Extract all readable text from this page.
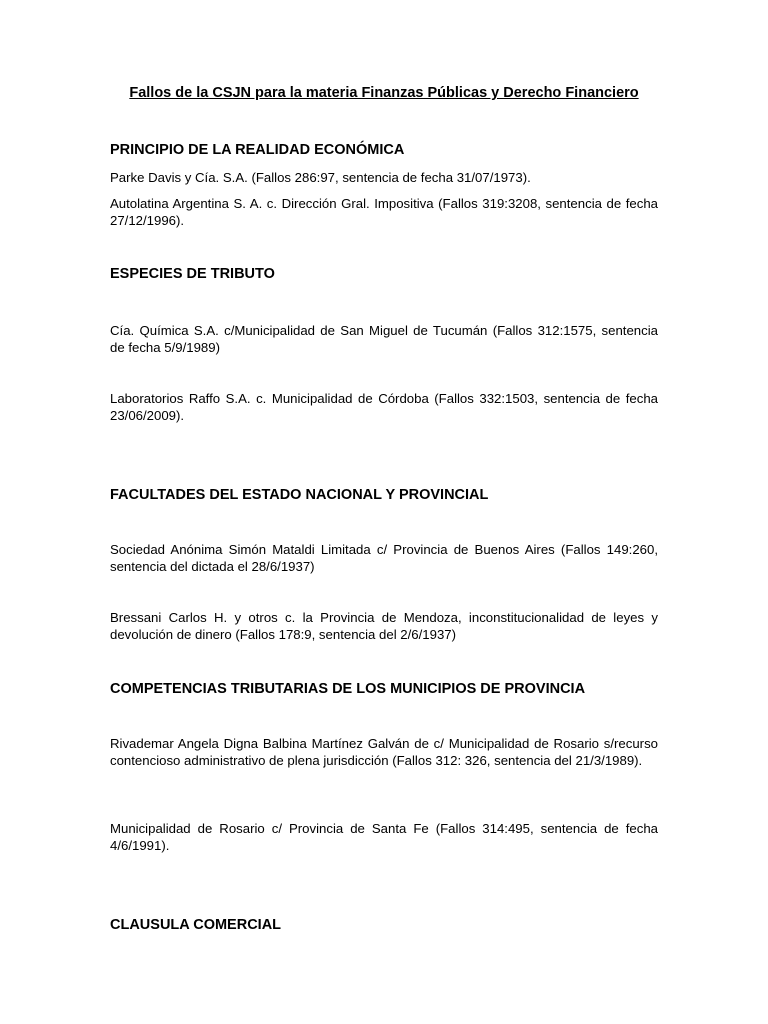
Fallos de la CSJN para la materia Finanzas Públicas y Derecho Financiero
PRINCIPIO DE LA REALIDAD ECONÓMICA
Parke Davis y Cía. S.A. (Fallos 286:97, sentencia de fecha 31/07/1973).
Autolatina Argentina S. A. c. Dirección Gral. Impositiva (Fallos 319:3208, sentencia de fecha 27/12/1996).
ESPECIES DE TRIBUTO
Cía. Química S.A. c/Municipalidad de San Miguel de Tucumán (Fallos 312:1575, sentencia de fecha 5/9/1989)
Laboratorios Raffo S.A. c. Municipalidad de Córdoba (Fallos 332:1503, sentencia de fecha 23/06/2009).
FACULTADES DEL ESTADO NACIONAL Y PROVINCIAL
Sociedad Anónima Simón Mataldi Limitada c/ Provincia de Buenos Aires (Fallos 149:260, sentencia del dictada el 28/6/1937)
Bressani Carlos H. y otros c. la Provincia de Mendoza, inconstitucionalidad de leyes y devolución de dinero (Fallos 178:9, sentencia del 2/6/1937)
COMPETENCIAS TRIBUTARIAS DE LOS MUNICIPIOS DE PROVINCIA
Rivademar Angela Digna Balbina Martínez Galván de c/ Municipalidad de Rosario s/recurso contencioso administrativo de plena jurisdicción (Fallos 312: 326, sentencia del 21/3/1989).
Municipalidad de Rosario c/ Provincia de Santa Fe (Fallos 314:495, sentencia de fecha 4/6/1991).
CLAUSULA COMERCIAL
